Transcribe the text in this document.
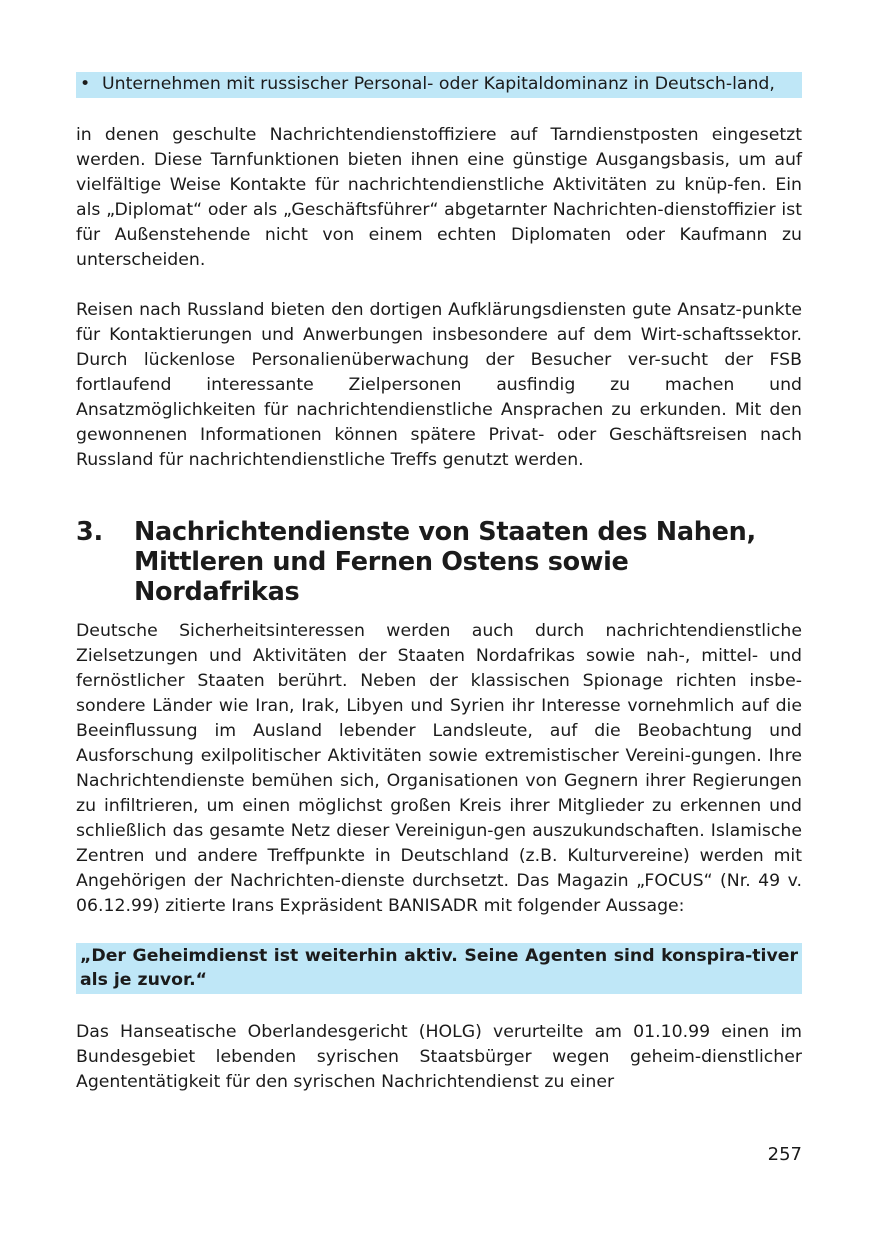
• Unternehmen mit russischer Personal- oder Kapitaldominanz in Deutsch-land,

in denen geschulte Nachrichtendienstoffiziere auf Tarndienstposten eingesetzt werden. Diese Tarnfunktionen bieten ihnen eine günstige Ausgangsbasis, um auf vielfältige Weise Kontakte für nachrichtendienstliche Aktivitäten zu knüp-fen. Ein als „Diplomat“ oder als „Geschäftsführer“ abgetarnter Nachrichten-dienstoffizier ist für Außenstehende nicht von einem echten Diplomaten oder Kaufmann zu unterscheiden.

Reisen nach Russland bieten den dortigen Aufklärungsdiensten gute Ansatz-punkte für Kontaktierungen und Anwerbungen insbesondere auf dem Wirt-schaftssektor. Durch lückenlose Personalienüberwachung der Besucher ver-sucht der FSB fortlaufend interessante Zielpersonen ausfindig zu machen und Ansatzmöglichkeiten für nachrichtendienstliche Ansprachen zu erkunden. Mit den gewonnenen Informationen können spätere Privat- oder Geschäftsreisen nach Russland für nachrichtendienstliche Treffs genutzt werden.

3.	Nachrichtendienste von Staaten des Nahen,
Mittleren und Fernen Ostens sowie Nordafrikas

Deutsche Sicherheitsinteressen werden auch durch nachrichtendienstliche Zielsetzungen und Aktivitäten der Staaten Nordafrikas sowie nah-, mittel- und fernöstlicher Staaten berührt. Neben der klassischen Spionage richten insbe-sondere Länder wie Iran, Irak, Libyen und Syrien ihr Interesse vornehmlich auf die Beeinflussung im Ausland lebender Landsleute, auf die Beobachtung und Ausforschung exilpolitischer Aktivitäten sowie extremistischer Vereini-gungen. Ihre Nachrichtendienste bemühen sich, Organisationen von Gegnern ihrer Regierungen zu infiltrieren, um einen möglichst großen Kreis ihrer Mitglieder zu erkennen und schließlich das gesamte Netz dieser Vereinigun-gen auszukundschaften. Islamische Zentren und andere Treffpunkte in Deutschland (z.B. Kulturvereine) werden mit Angehörigen der Nachrichten-dienste durchsetzt. Das Magazin „FOCUS“ (Nr. 49 v. 06.12.99) zitierte Irans Expräsident BANISADR mit folgender Aussage:

„Der Geheimdienst ist weiterhin aktiv. Seine Agenten sind konspira-tiver als je zuvor.“

Das Hanseatische Oberlandesgericht (HOLG) verurteilte am 01.10.99 einen im Bundesgebiet lebenden syrischen Staatsbürger wegen geheim-dienstlicher Agententätigkeit für den syrischen Nachrichtendienst zu einer

257
